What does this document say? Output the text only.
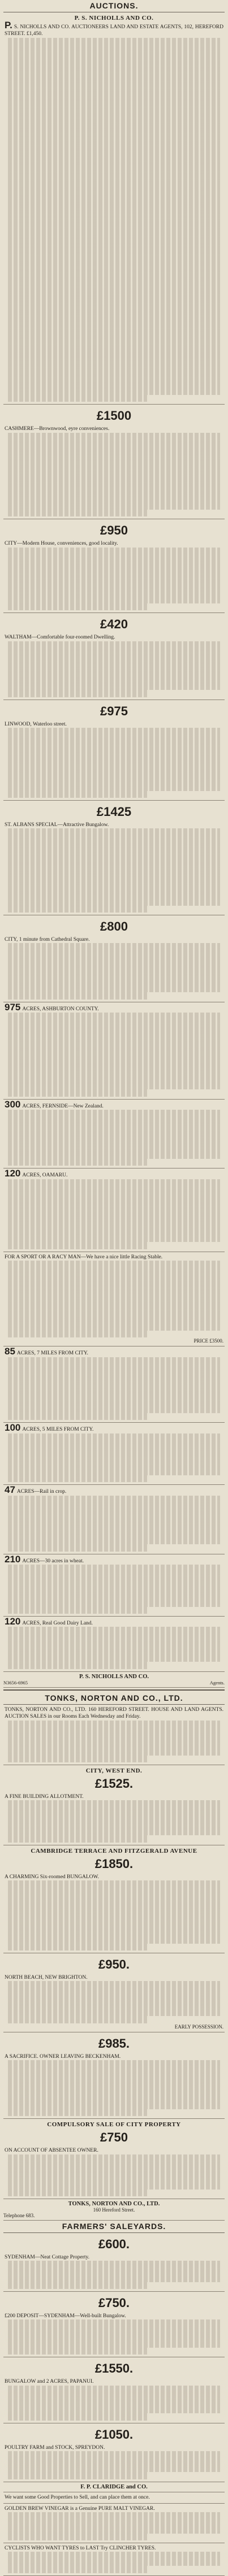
AUCTIONS.
P. S. NICHOLLS AND CO.
P. S. NICHOLLS AND CO. AUCTIONEERS LAND AND ESTATE AGENTS, 102, HEREFORD STREET. £1,450.
£1500
CASHMERE—Brownwood, eyre conveniences.
£950
CITY—Modern House, conveniences, good locality.
£420
WALTHAM—Comfortable four-roomed Dwelling.
£975
LINWOOD, Waterloo street.
£1425
ST. ALBANS SPECIAL—Attractive Bungalow.
£800
CITY, 1 minute from Cathedral Square.
975 ACRES, ASHBURTON COUNTY.
300 ACRES, FERNSIDE—New Zealand.
120 ACRES, OAMARU.
FOR A SPORT OR A RACY MAN—We have a nice little Racing Stable.
PRICE £3500.
85 ACRES, 7 MILES FROM CITY.
100 ACRES, 5 MILES FROM CITY.
47 ACRES—Rail in crop.
210 ACRES—30 acres in wheat.
120 ACRES, Real Good Dairy Land.
P. S. NICHOLLS AND CO.

N3656-6965	Agents.
TONKS, NORTON AND CO., LTD.
TONKS, NORTON AND CO., LTD. 160 HEREFORD STREET. HOUSE AND LAND AGENTS. AUCTION SALES in our Rooms Each Wednesday and Friday.
CITY, WEST END.
£1525.
A FINE BUILDING ALLOTMENT.
CAMBRIDGE TERRACE AND FITZGERALD AVENUE
£1850.
A CHARMING Six-roomed BUNGALOW.
£950.
NORTH BEACH, NEW BRIGHTON.
EARLY POSSESSION.
£985.
A SACRIFICE. OWNER LEAVING BECKENHAM.
COMPULSORY SALE OF CITY PROPERTY
£750
ON ACCOUNT OF ABSENTEE OWNER.
TONKS, NORTON AND CO., LTD.
160 Hereford Street.
Telephone 683.
FARMERS' SALEYARDS.
£600.
SYDENHAM—Neat Cottage Property.
£750.
£200 DEPOSIT—SYDENHAM—Well-built Bungalow.
£1550.
BUNGALOW and 2 ACRES, PAPANUI.
£1050.
POULTRY FARM and STOCK, SPREYDON.
F. P. CLARIDGE and CO.
We want some Good Properties to Sell, and can place them at once.
GOLDEN BREW VINEGAR is a Genuine PURE MALT VINEGAR.
CYCLISTS WHO WANT TYRES to LAST Try CLINCHER TYRES.
